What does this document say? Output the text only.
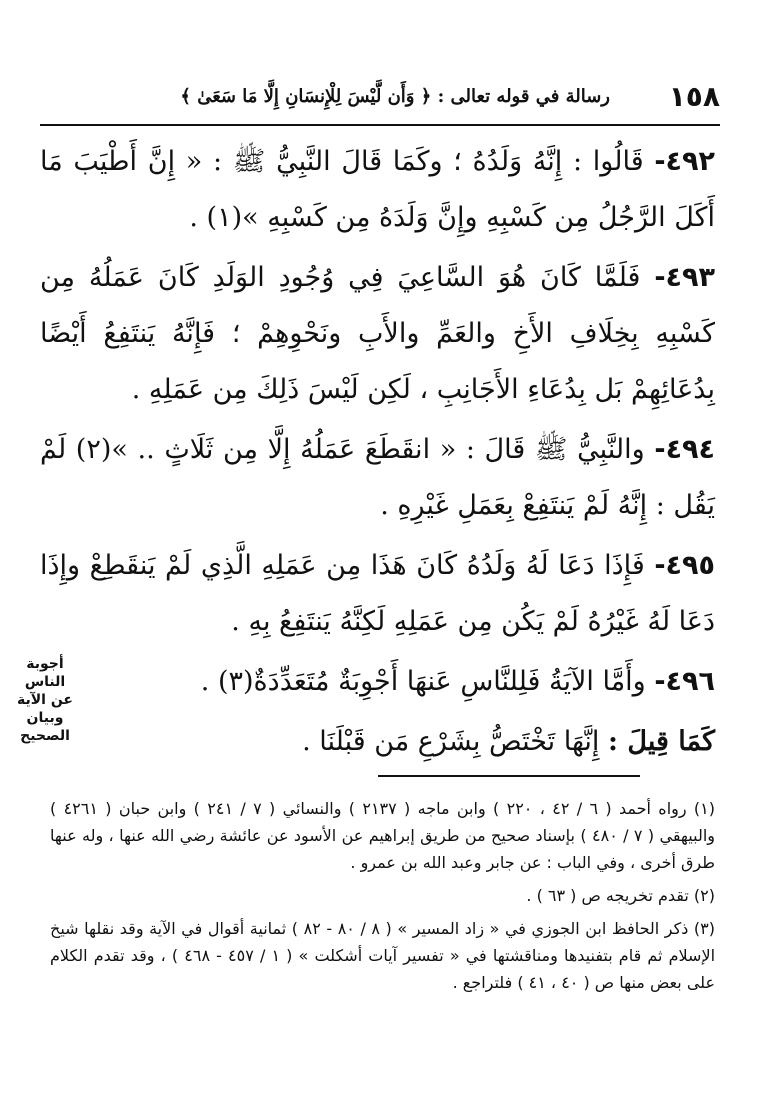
١٥٨
رسالة في قوله تعالى : ﴿ وَأَن لَّيْسَ لِلْإِنسَانِ إِلَّا مَا سَعَىٰ ﴾

٤٩٢- قَالُوا : إِنَّهُ وَلَدُهُ ؛ وكَمَا قَالَ النَّبِيُّ ﷺ : « إِنَّ أَطْيَبَ مَا أَكَلَ الرَّجُلُ مِن كَسْبِهِ وإِنَّ وَلَدَهُ مِن كَسْبِهِ »(١) .

٤٩٣- فَلَمَّا كَانَ هُوَ السَّاعِيَ فِي وُجُودِ الوَلَدِ كَانَ عَمَلُهُ مِن كَسْبِهِ بِخِلَافِ الأَخِ والعَمِّ والأَبِ ونَحْوِهِمْ ؛ فَإِنَّهُ يَنتَفِعُ أَيْضًا بِدُعَائِهِمْ بَل بِدُعَاءِ الأَجَانِبِ ، لَكِن لَيْسَ ذَلِكَ مِن عَمَلِهِ .

٤٩٤- والنَّبِيُّ ﷺ قَالَ : « انقَطَعَ عَمَلُهُ إِلَّا مِن ثَلَاثٍ .. »(٢) لَمْ يَقُل : إِنَّهُ لَمْ يَنتَفِعْ بِعَمَلِ غَيْرِهِ .

٤٩٥- فَإِذَا دَعَا لَهُ وَلَدُهُ كَانَ هَذَا مِن عَمَلِهِ الَّذِي لَمْ يَنقَطِعْ وإِذَا دَعَا لَهُ غَيْرُهُ لَمْ يَكُن مِن عَمَلِهِ لَكِنَّهُ يَنتَفِعُ بِهِ .

٤٩٦- وأَمَّا الآيَةُ فَلِلنَّاسِ عَنهَا أَجْوِبَةٌ مُتَعَدِّدَةٌ(٣) .

كَمَا قِيلَ : إِنَّهَا تَخْتَصُّ بِشَرْعِ مَن قَبْلَنَا .

أجوبة الناس
عن الآية
وبيان
الصحيح

(١) رواه أحمد ( ٦ / ٤٢ ، ٢٢٠ ) وابن ماجه ( ٢١٣٧ ) والنسائي ( ٧ / ٢٤١ ) وابن حبان ( ٤٢٦١ ) والبيهقي ( ٧ / ٤٨٠ ) بإسناد صحيح من طريق إبراهيم عن الأسود عن عائشة رضي الله عنها ، وله عنها طرق أخرى ، وفي الباب : عن جابر وعبد الله بن عمرو .

(٢) تقدم تخريجه ص ( ٦٣ ) .

(٣) ذكر الحافظ ابن الجوزي في « زاد المسير » ( ٨ / ٨٠ - ٨٢ ) ثمانية أقوال في الآية وقد نقلها شيخ الإسلام ثم قام بتفنيدها ومناقشتها في « تفسير آيات أشكلت » ( ١ / ٤٥٧ - ٤٦٨ ) ، وقد تقدم الكلام على بعض منها ص ( ٤٠ ، ٤١ ) فلتراجع .
